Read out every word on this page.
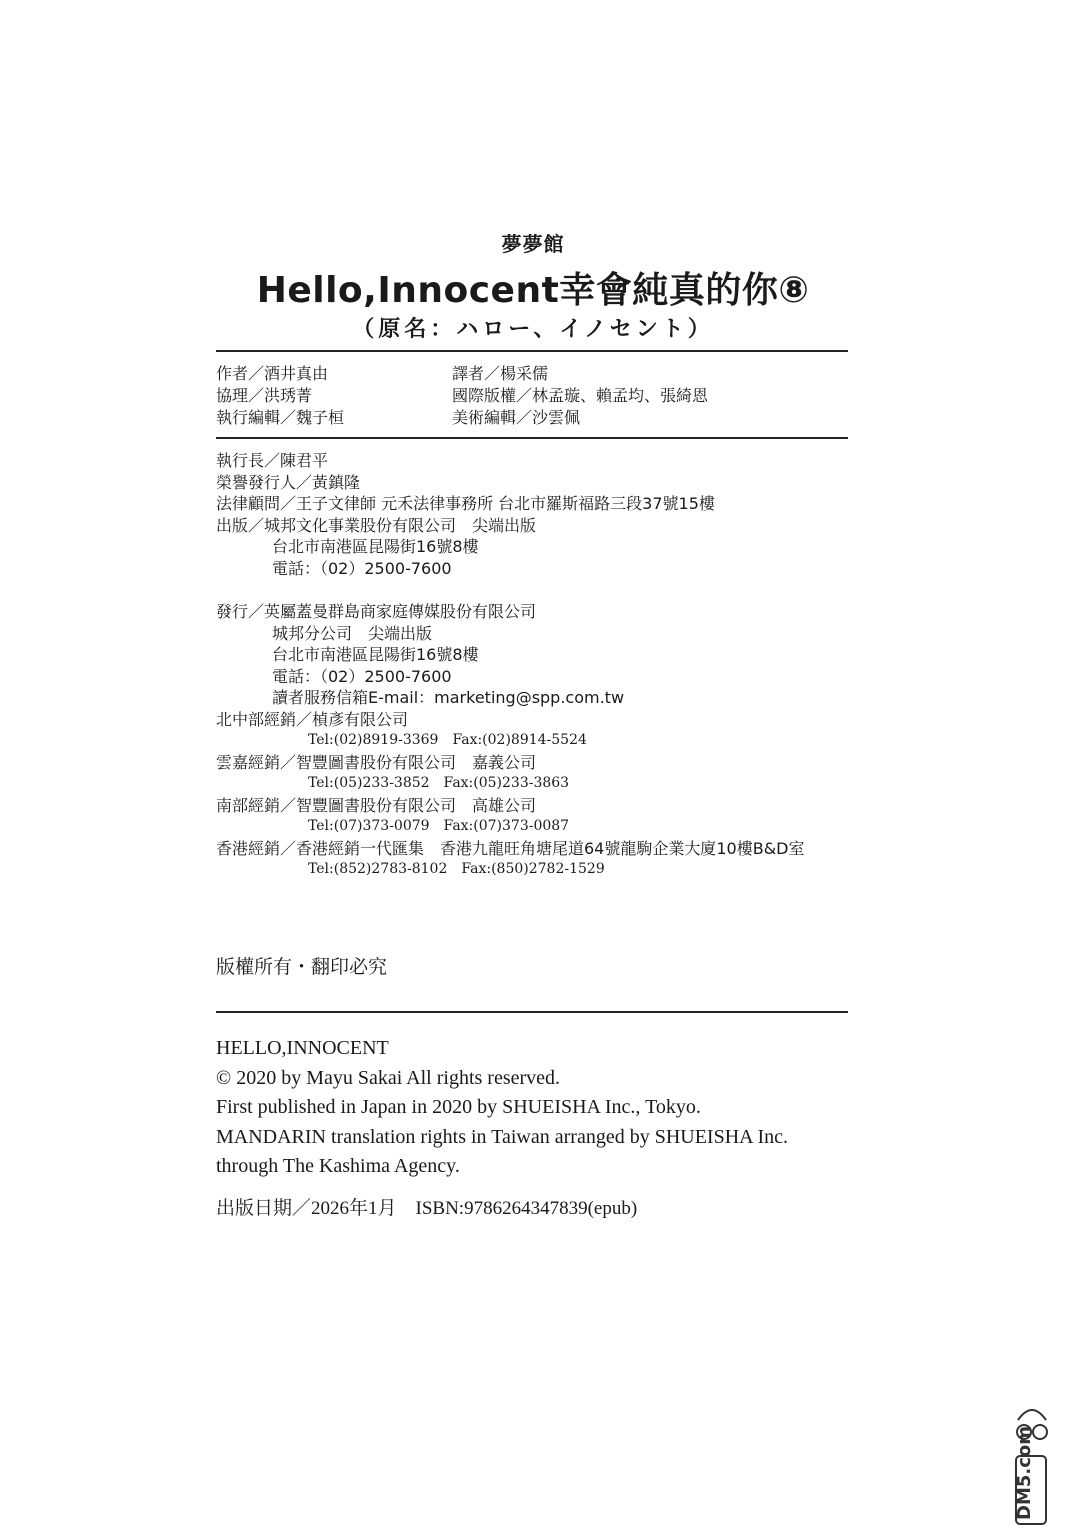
夢夢館
Hello,Innocent幸會純真的你⑧
（原名：ハロー、イノセント）
作者／酒井真由
協理／洪琇菁
執行編輯／魏子桓
譯者／楊采儒
國際版權／林孟璇、賴孟均、張綺恩
美術編輯／沙雲佩
執行長／陳君平
榮譽發行人／黃鎮隆
法律顧問／王子文律師 元禾法律事務所 台北市羅斯福路三段37號15樓
出版／城邦文化事業股份有限公司　尖端出版
台北市南港區昆陽街16號8樓
電話：（02）2500-7600
發行／英屬蓋曼群島商家庭傳媒股份有限公司
城邦分公司　尖端出版
台北市南港區昆陽街16號8樓
電話：（02）2500-7600
讀者服務信箱E-mail：marketing@spp.com.tw
北中部經銷／楨彥有限公司
Tel:(02)8919-3369　Fax:(02)8914-5524
雲嘉經銷／智豐圖書股份有限公司　嘉義公司
Tel:(05)233-3852　Fax:(05)233-3863
南部經銷／智豐圖書股份有限公司　高雄公司
Tel:(07)373-0079　Fax:(07)373-0087
香港經銷／香港經銷一代匯集　香港九龍旺角塘尾道64號龍駒企業大廈10樓B&D室
Tel:(852)2783-8102　Fax:(850)2782-1529
版權所有・翻印必究
HELLO,INNOCENT
© 2020 by Mayu Sakai All rights reserved.
First published in Japan in 2020 by SHUEISHA Inc., Tokyo.
MANDARIN translation rights in Taiwan arranged by SHUEISHA Inc.
through The Kashima Agency.
出版日期／2026年1月　ISBN:9786264347839(epub)
DM5.com
